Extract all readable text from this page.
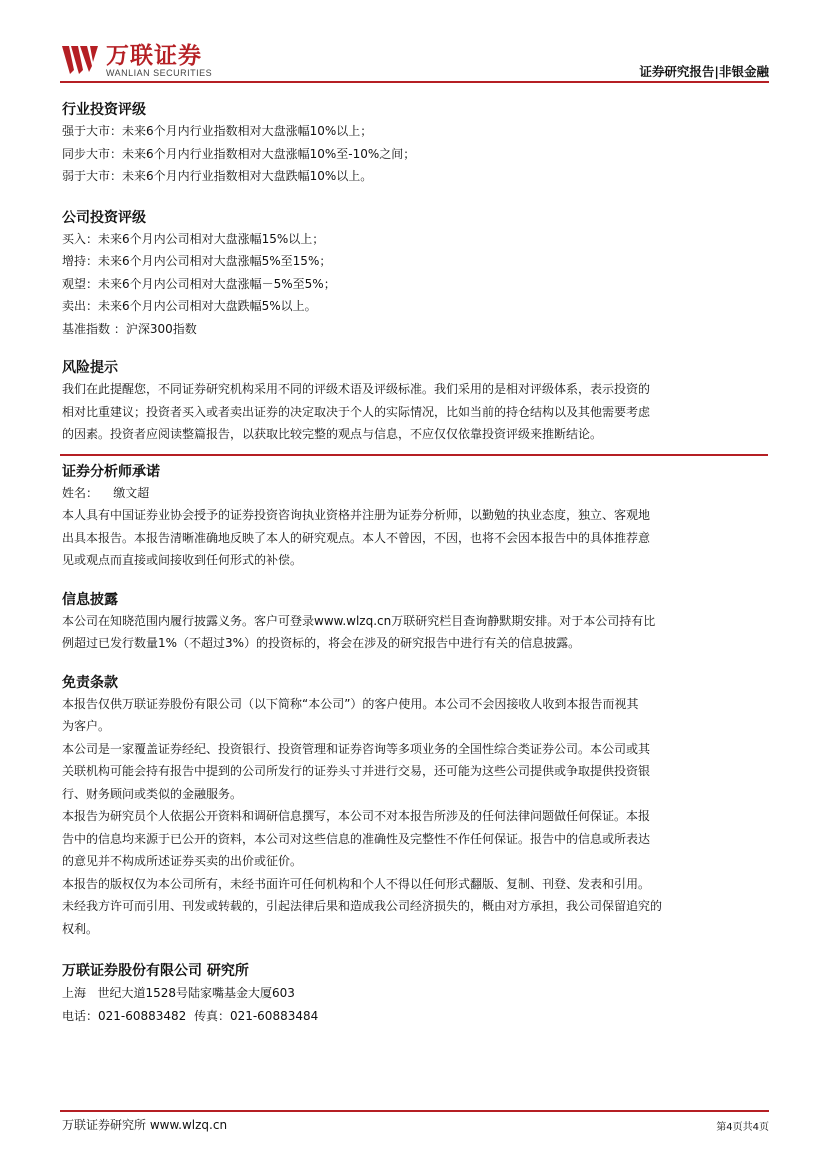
万联证券
WANLIAN SECURITIES	证券研究报告|非银金融

行业投资评级

强于大市：未来6个月内行业指数相对大盘涨幅10%以上；

同步大市：未来6个月内行业指数相对大盘涨幅10%至-10%之间；

弱于大市：未来6个月内行业指数相对大盘跌幅10%以上。

公司投资评级

买入：未来6个月内公司相对大盘涨幅15%以上；

增持：未来6个月内公司相对大盘涨幅5%至15%；

观望：未来6个月内公司相对大盘涨幅－5%至5%；

卖出：未来6个月内公司相对大盘跌幅5%以上。

基准指数 ：沪深300指数

风险提示

我们在此提醒您，不同证券研究机构采用不同的评级术语及评级标准。我们采用的是相对评级体系，表示投资的

相对比重建议；投资者买入或者卖出证券的决定取决于个人的实际情况，比如当前的持仓结构以及其他需要考虑

的因素。投资者应阅读整篇报告，以获取比较完整的观点与信息，不应仅仅依靠投资评级来推断结论。

证券分析师承诺

姓名：    缴文超

本人具有中国证券业协会授予的证券投资咨询执业资格并注册为证券分析师，以勤勉的执业态度，独立、客观地

出具本报告。本报告清晰准确地反映了本人的研究观点。本人不曾因，不因，也将不会因本报告中的具体推荐意

见或观点而直接或间接收到任何形式的补偿。

信息披露

本公司在知晓范围内履行披露义务。客户可登录www.wlzq.cn万联研究栏目查询静默期安排。对于本公司持有比

例超过已发行数量1%（不超过3%）的投资标的，将会在涉及的研究报告中进行有关的信息披露。

免责条款

本报告仅供万联证券股份有限公司（以下简称“本公司”）的客户使用。本公司不会因接收人收到本报告而视其

为客户。

本公司是一家覆盖证券经纪、投资银行、投资管理和证券咨询等多项业务的全国性综合类证券公司。本公司或其

关联机构可能会持有报告中提到的公司所发行的证券头寸并进行交易，还可能为这些公司提供或争取提供投资银

行、财务顾问或类似的金融服务。

本报告为研究员个人依据公开资料和调研信息撰写，本公司不对本报告所涉及的任何法律问题做任何保证。本报

告中的信息均来源于已公开的资料，本公司对这些信息的准确性及完整性不作任何保证。报告中的信息或所表达

的意见并不构成所述证券买卖的出价或征价。

本报告的版权仅为本公司所有，未经书面许可任何机构和个人不得以任何形式翻版、复制、刊登、发表和引用。

未经我方许可而引用、刊发或转载的，引起法律后果和造成我公司经济损失的，概由对方承担，我公司保留追究的

权利。

万联证券股份有限公司 研究所

上海   世纪大道1528号陆家嘴基金大厦603

电话：021-60883482  传真：021-60883484

万联证券研究所 www.wlzq.cn	第4页共4页
